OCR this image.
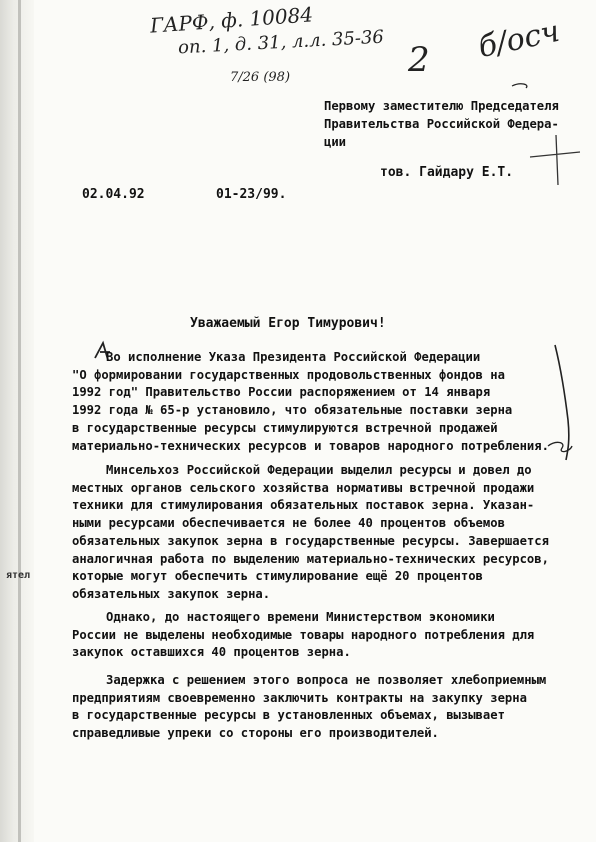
ГАРФ, ф. 10084
оп. 1, д. 31, л.л. 35-36
7/26 (98)	2 б/осч
Первому заместителю Председателя
Правительства Российской Федера-
ции
тов. Гайдару Е.Т.
02.04.92	01-23/99.
Уважаемый Егор Тимурович!
Во исполнение Указа Президента Российской Федерации
"О формировании государственных продовольственных фондов на
1992 год" Правительство России распоряжением от 14 января
1992 года № 65-р установило, что обязательные поставки зерна
в государственные ресурсы стимулируются встречной продажей
материально-технических ресурсов и товаров народного потребления.
Минсельхоз Российской Федерации выделил ресурсы и довел до
местных органов сельского хозяйства нормативы встречной продажи
техники для стимулирования обязательных поставок зерна. Указан-
ными ресурсами обеспечивается не более 40 процентов объемов
обязательных закупок зерна в государственные ресурсы. Завершается
аналогичная работа по выделению материально-технических ресурсов,
которые могут обеспечить стимулирование ещё 20 процентов
обязательных закупок зерна.
Однако, до настоящего времени Министерством экономики
России не выделены необходимые товары народного потребления для
закупок оставшихся 40 процентов зерна.
Задержка с решением этого вопроса не позволяет хлебоприемным
предприятиям своевременно заключить контракты на закупку зерна
в государственные ресурсы в установленных объемах, вызывает
справедливые упреки со стороны его производителей.
ятел
